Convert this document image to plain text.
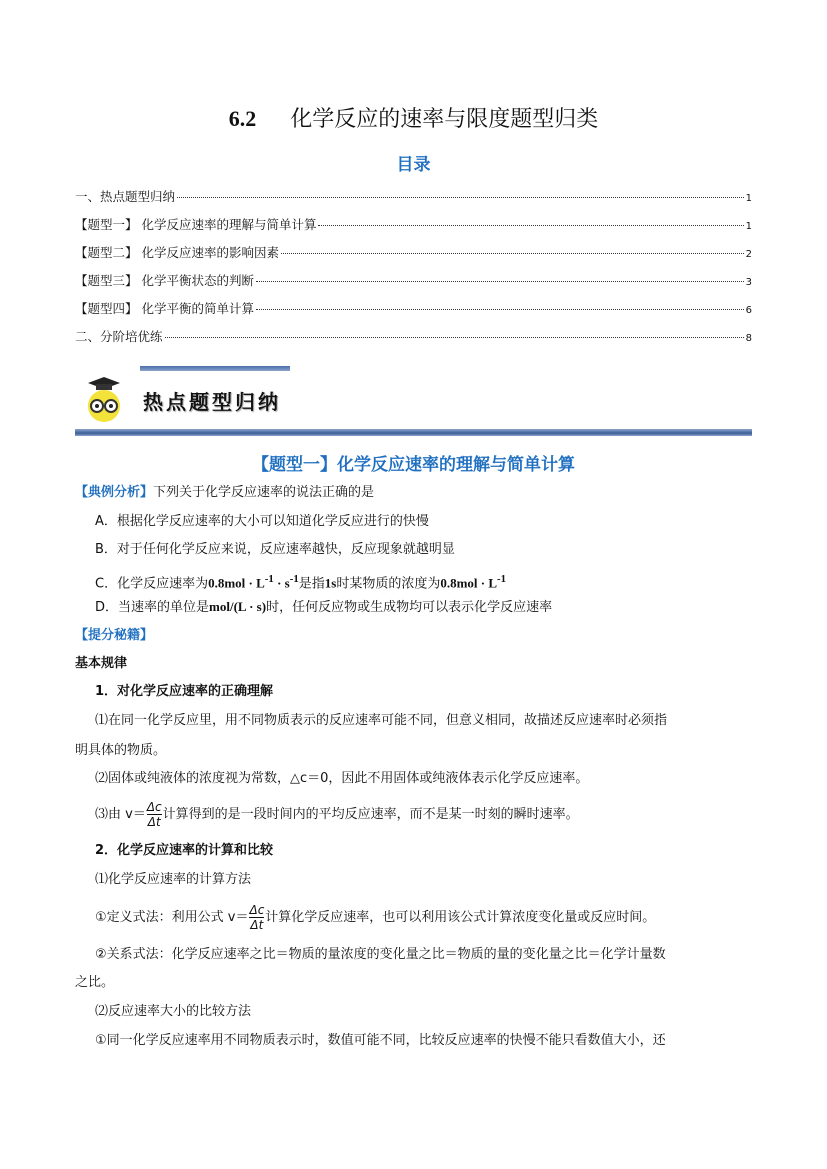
6.2 化学反应的速率与限度题型归类
目录
一、热点题型归纳	1
【题型一】 化学反应速率的理解与简单计算	1
【题型二】 化学反应速率的影响因素	2
【题型三】 化学平衡状态的判断	3
【题型四】 化学平衡的简单计算	6
二、分阶培优练	8
热点题型归纳
【题型一】化学反应速率的理解与简单计算
【典例分析】下列关于化学反应速率的说法正确的是
A．根据化学反应速率的大小可以知道化学反应进行的快慢
B．对于任何化学反应来说，反应速率越快，反应现象就越明显
C．化学反应速率为$0.8mol \cdot L^{-1} \cdot s^{-1}$是指1s时某物质的浓度为$0.8mol \cdot L^{-1}$
D．当速率的单位是mol/(L · s)时，任何反应物或生成物均可以表示化学反应速率
【提分秘籍】
基本规律
1．对化学反应速率的正确理解
⑴在同一化学反应里，用不同物质表示的反应速率可能不同，但意义相同，故描述反应速率时必须指
明具体的物质。
⑵固体或纯液体的浓度视为常数，△c＝0，因此不用固体或纯液体表示化学反应速率。
⑶由 $v= \frac{\Delta c}{\Delta t}$ 计算得到的是一段时间内的平均反应速率，而不是某一时刻的瞬时速率。
2．化学反应速率的计算和比较
⑴化学反应速率的计算方法
①定义式法：利用公式 $v= \frac{\Delta c}{\Delta t}$ 计算化学反应速率，也可以利用该公式计算浓度变化量或反应时间。
②关系式法：化学反应速率之比＝物质的量浓度的变化量之比＝物质的量的变化量之比＝化学计量数
之比。
⑵反应速率大小的比较方法
①同一化学反应速率用不同物质表示时，数值可能不同，比较反应速率的快慢不能只看数值大小，还
